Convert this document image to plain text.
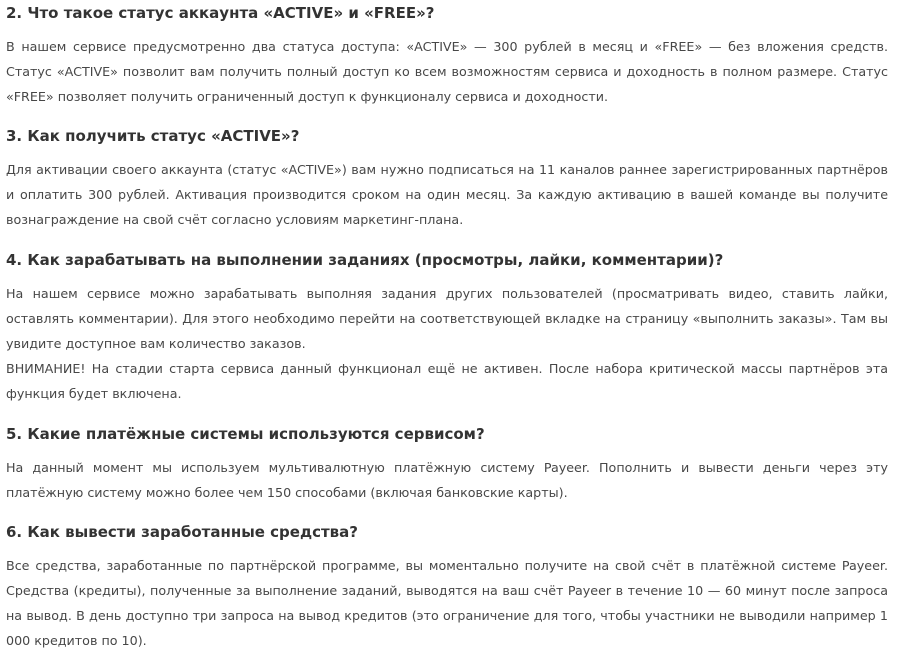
2. Что такое статус аккаунта «ACTIVE» и «FREE»?

В нашем сервисе предусмотренно два статуса доступа: «ACTIVE» — 300 рублей в месяц и «FREE» — без вложения средств. Статус «ACTIVE» позволит вам получить полный доступ ко всем возможностям сервиса и доходность в полном размере. Статус «FREE» позволяет получить ограниченный доступ к функционалу сервиса и доходности.

3. Как получить статус «ACTIVE»?

Для активации своего аккаунта (статус «ACTIVE») вам нужно подписаться на 11 каналов раннее зарегистрированных партнёров и оплатить 300 рублей. Активация производится сроком на один месяц. За каждую активацию в вашей команде вы получите вознаграждение на свой счёт согласно условиям маркетинг-плана.

4. Как зарабатывать на выполнении заданиях (просмотры, лайки, комментарии)?

На нашем сервисе можно зарабатывать выполняя задания других пользователей (просматривать видео, ставить лайки, оставлять комментарии). Для этого необходимо перейти на соответствующей вкладке на страницу «выполнить заказы». Там вы увидите доступное вам количество заказов.

ВНИМАНИЕ! На стадии старта сервиса данный функционал ещё не активен. После набора критической массы партнёров эта функция будет включена.

5. Какие платёжные системы используются сервисом?

На данный момент мы используем мультивалютную платёжную систему Payeer. Пополнить и вывести деньги через эту платёжную систему можно более чем 150 способами (включая банковские карты).

6. Как вывести заработанные средства?

Все средства, заработанные по партнёрской программе, вы моментально получите на свой счёт в платёжной системе Payeer. Средства (кредиты), полученные за выполнение заданий, выводятся на ваш счёт Payeer в течение 10 — 60 минут после запроса на вывод. В день доступно три запроса на вывод кредитов (это ограничение для того, чтобы участники не выводили например 1 000 кредитов по 10).
